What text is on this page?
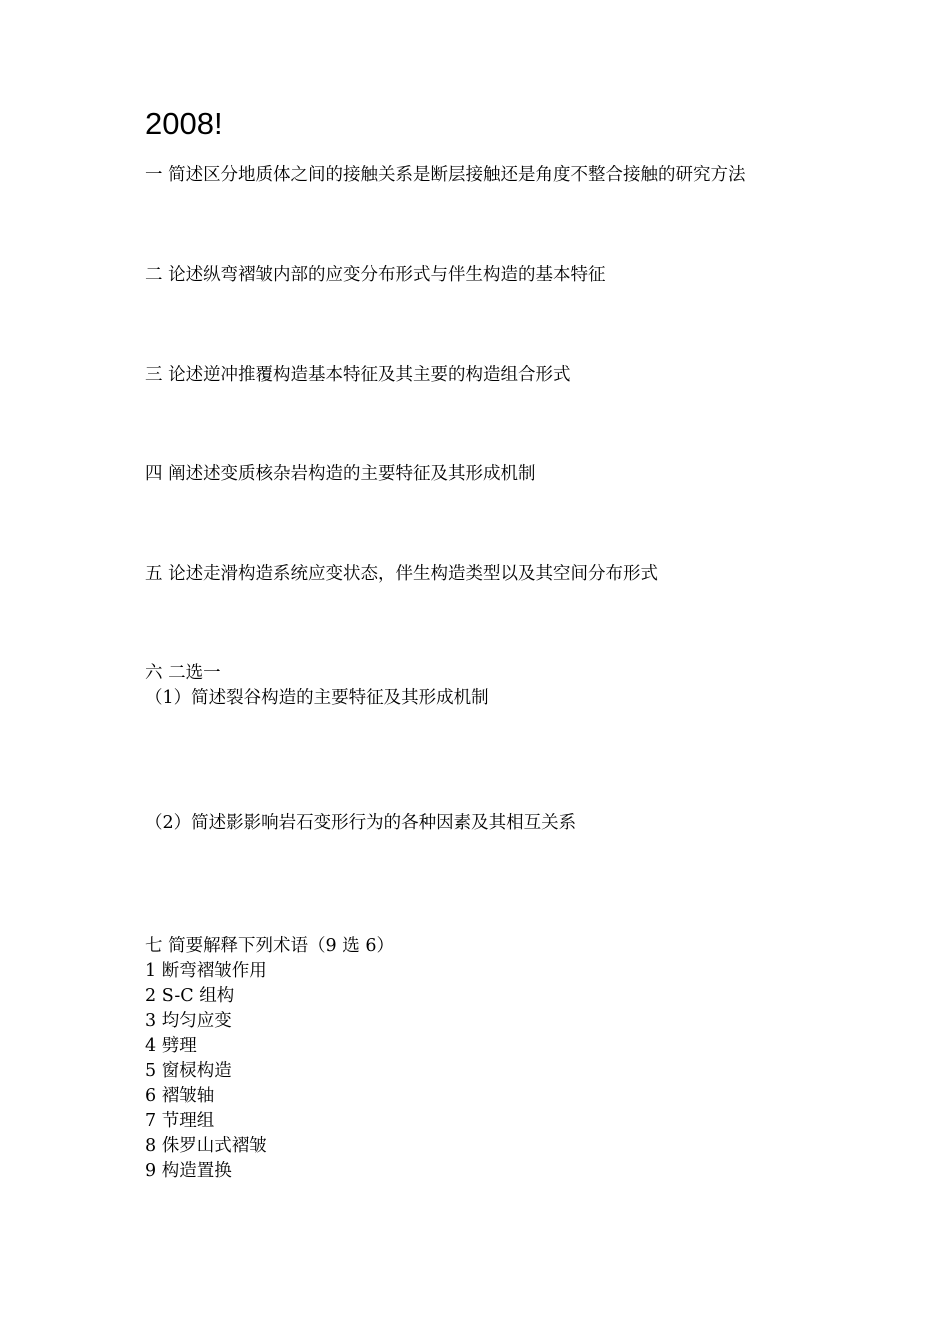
2008!
一 简述区分地质体之间的接触关系是断层接触还是角度不整合接触的研究方法
二 论述纵弯褶皱内部的应变分布形式与伴生构造的基本特征
三 论述逆冲推覆构造基本特征及其主要的构造组合形式
四 阐述述变质核杂岩构造的主要特征及其形成机制
五 论述走滑构造系统应变状态，伴生构造类型以及其空间分布形式
六 二选一
（1）简述裂谷构造的主要特征及其形成机制
（2）简述影影响岩石变形行为的各种因素及其相互关系
七 简要解释下列术语（9 选 6）
1 断弯褶皱作用
2 S-C 组构
3 均匀应变
4 劈理
5 窗棂构造
6 褶皱轴
7 节理组
8 侏罗山式褶皱
9 构造置换
